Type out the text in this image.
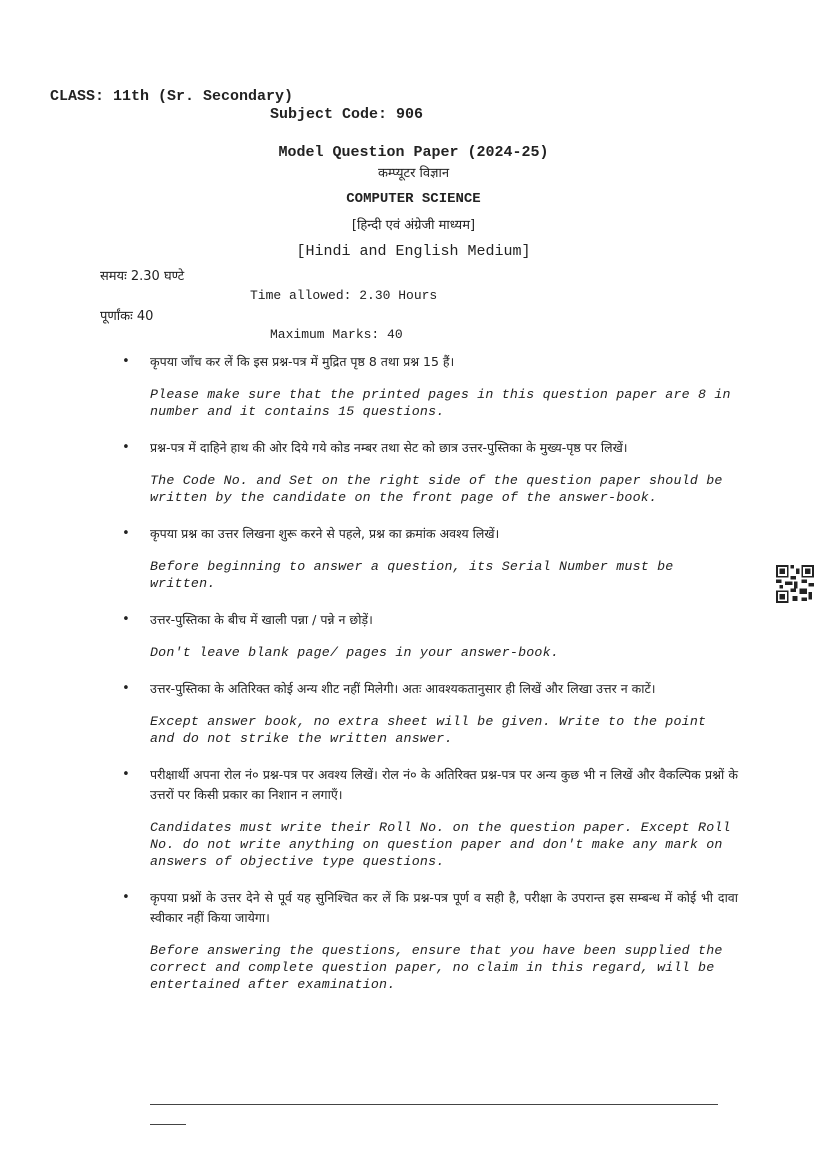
CLASS: 11th (Sr. Secondary)
Subject Code: 906
Model Question Paper (2024-25)
कम्प्यूटर विज्ञान
COMPUTER SCIENCE
[हिन्दी एवं अंग्रेजी माध्यम]
[Hindi and English Medium]
समयः 2.30 घण्टे
Time allowed: 2.30 Hours
पूर्णांकः 40
Maximum Marks: 40
• कृपया जाँच कर लें कि इस प्रश्न-पत्र में मुद्रित पृष्ठ 8 तथा प्रश्न 15 हैं।
Please make sure that the printed pages in this question paper are 8 in number and it contains 15 questions.
• प्रश्न-पत्र में दाहिने हाथ की ओर दिये गये कोड नम्बर तथा सेट को छात्र उत्तर-पुस्तिका के मुख्य-पृष्ठ पर लिखें।
The Code No. and Set on the right side of the question paper should be written by the candidate on the front page of the answer-book.
• कृपया प्रश्न का उत्तर लिखना शुरू करने से पहले, प्रश्न का क्रमांक अवश्य लिखें।
Before beginning to answer a question, its Serial Number must be written.
• उत्तर-पुस्तिका के बीच में खाली पन्ना / पन्ने न छोड़ें।
Don't leave blank page/ pages in your answer-book.
• उत्तर-पुस्तिका के अतिरिक्त कोई अन्य शीट नहीं मिलेगी। अतः आवश्यकतानुसार ही लिखें और लिखा उत्तर न काटें।
Except answer book, no extra sheet will be given. Write to the point and do not strike the written answer.
• परीक्षार्थी अपना रोल नं० प्रश्न-पत्र पर अवश्य लिखें। रोल नं० के अतिरिक्त प्रश्न-पत्र पर अन्य कुछ भी न लिखें और वैकल्पिक प्रश्नों के उत्तरों पर किसी प्रकार का निशान न लगाएँ।
Candidates must write their Roll No. on the question paper. Except Roll No. do not write anything on question paper and don't make any mark on answers of objective type questions.
• कृपया प्रश्नों के उत्तर देने से पूर्व यह सुनिश्चित कर लें कि प्रश्न-पत्र पूर्ण व सही है, परीक्षा के उपरान्त इस सम्बन्ध में कोई भी दावा स्वीकार नहीं किया जायेगा।
Before answering the questions, ensure that you have been supplied the correct and complete question paper, no claim in this regard, will be entertained after examination.
